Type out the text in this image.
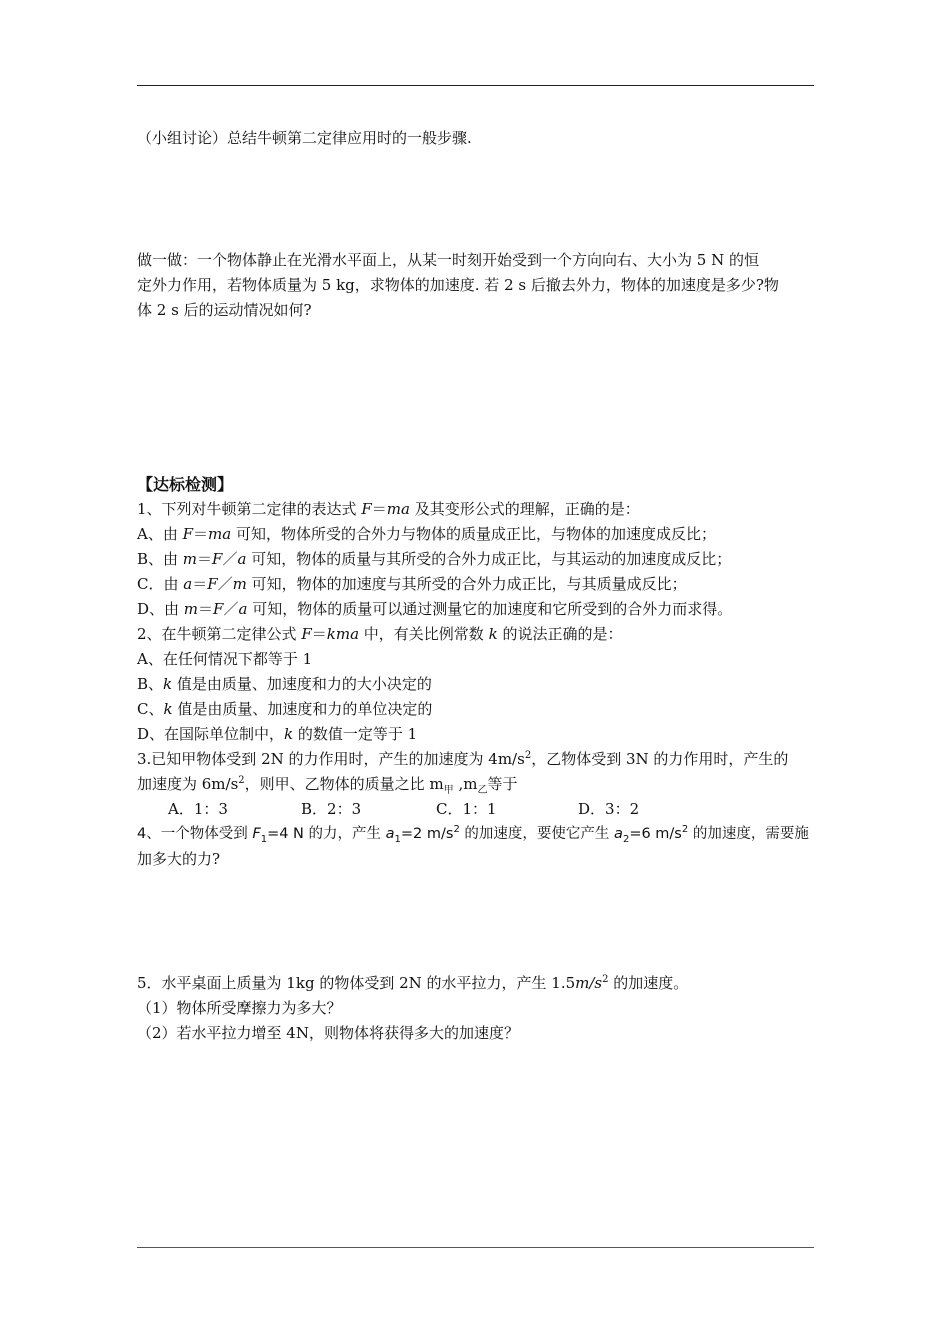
（小组讨论）总结牛顿第二定律应用时的一般步骤.
做一做：一个物体静止在光滑水平面上，从某一时刻开始受到一个方向向右、大小为 5 N 的恒
定外力作用，若物体质量为 5 kg，求物体的加速度. 若 2 s 后撤去外力，物体的加速度是多少?物
体 2 s 后的运动情况如何?
【达标检测】
1、下列对牛顿第二定律的表达式 F＝ma 及其变形公式的理解，正确的是：
A、由 F＝ma 可知，物体所受的合外力与物体的质量成正比，与物体的加速度成反比；
B、由 m＝F／a 可知，物体的质量与其所受的合外力成正比，与其运动的加速度成反比；
C．由 a＝F／m 可知，物体的加速度与其所受的合外力成正比，与其质量成反比；
D、由 m＝F／a 可知，物体的质量可以通过测量它的加速度和它所受到的合外力而求得。
2、在牛顿第二定律公式 F＝kma 中，有关比例常数 k 的说法正确的是：
A、在任何情况下都等于 1
B、k 值是由质量、加速度和力的大小决定的
C、k 值是由质量、加速度和力的单位决定的
D、在国际单位制中，k 的数值一定等于 1
3.已知甲物体受到 2N 的力作用时，产生的加速度为 $4m/s^2$，乙物体受到 3N 的力作用时，产生的
加速度为 $6m/s^2$，则甲、乙物体的质量之比 $m_甲$ $,m_乙$等于
A．1：3	B．2：3	C．1：1	D．3：2
4、一个物体受到 $F_1=4$ N 的力，产生 $a_1=2$ $m/s^2$ 的加速度，要使它产生 $a_2=6$ $m/s^2$ 的加速度，需要施
加多大的力?
5．水平桌面上质量为 1kg 的物体受到 2N 的水平拉力，产生 $1.5m/s^2$ 的加速度。
（1）物体所受摩擦力为多大？
（2）若水平拉力增至 4N，则物体将获得多大的加速度？
